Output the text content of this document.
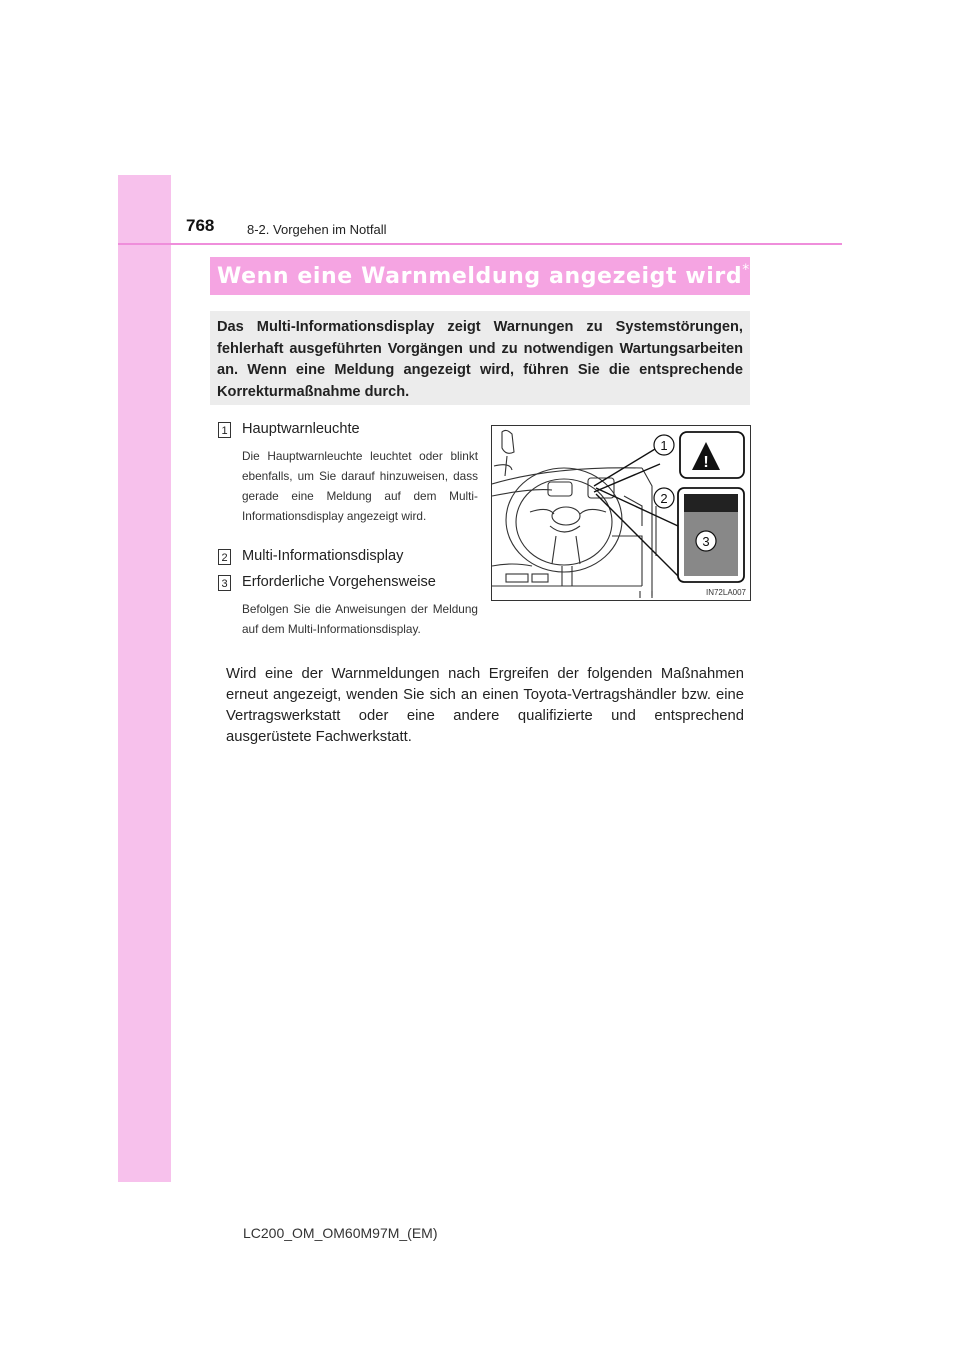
768	8-2. Vorgehen im Notfall
Wenn eine Warnmeldung angezeigt wird*
Das Multi-Informationsdisplay zeigt Warnungen zu Systemstörungen, fehlerhaft ausgeführten Vorgängen und zu notwendigen Wartungsarbeiten an. Wenn eine Meldung angezeigt wird, führen Sie die entsprechende Korrekturmaßnahme durch.
1 Hauptwarnleuchte
Die Hauptwarnleuchte leuchtet oder blinkt ebenfalls, um Sie darauf hinzuweisen, dass gerade eine Meldung auf dem Multi-Informationsdisplay angezeigt wird.
2 Multi-Informationsdisplay
3 Erforderliche Vorgehensweise
Befolgen Sie die Anweisungen der Meldung auf dem Multi-Informationsdisplay.
!
1
2
3
IN72LA007
Wird eine der Warnmeldungen nach Ergreifen der folgenden Maßnahmen erneut angezeigt, wenden Sie sich an einen Toyota-Vertragshändler bzw. eine Vertragswerkstatt oder eine andere qualifizierte und entsprechend ausgerüstete Fachwerkstatt.
LC200_OM_OM60M97M_(EM)
